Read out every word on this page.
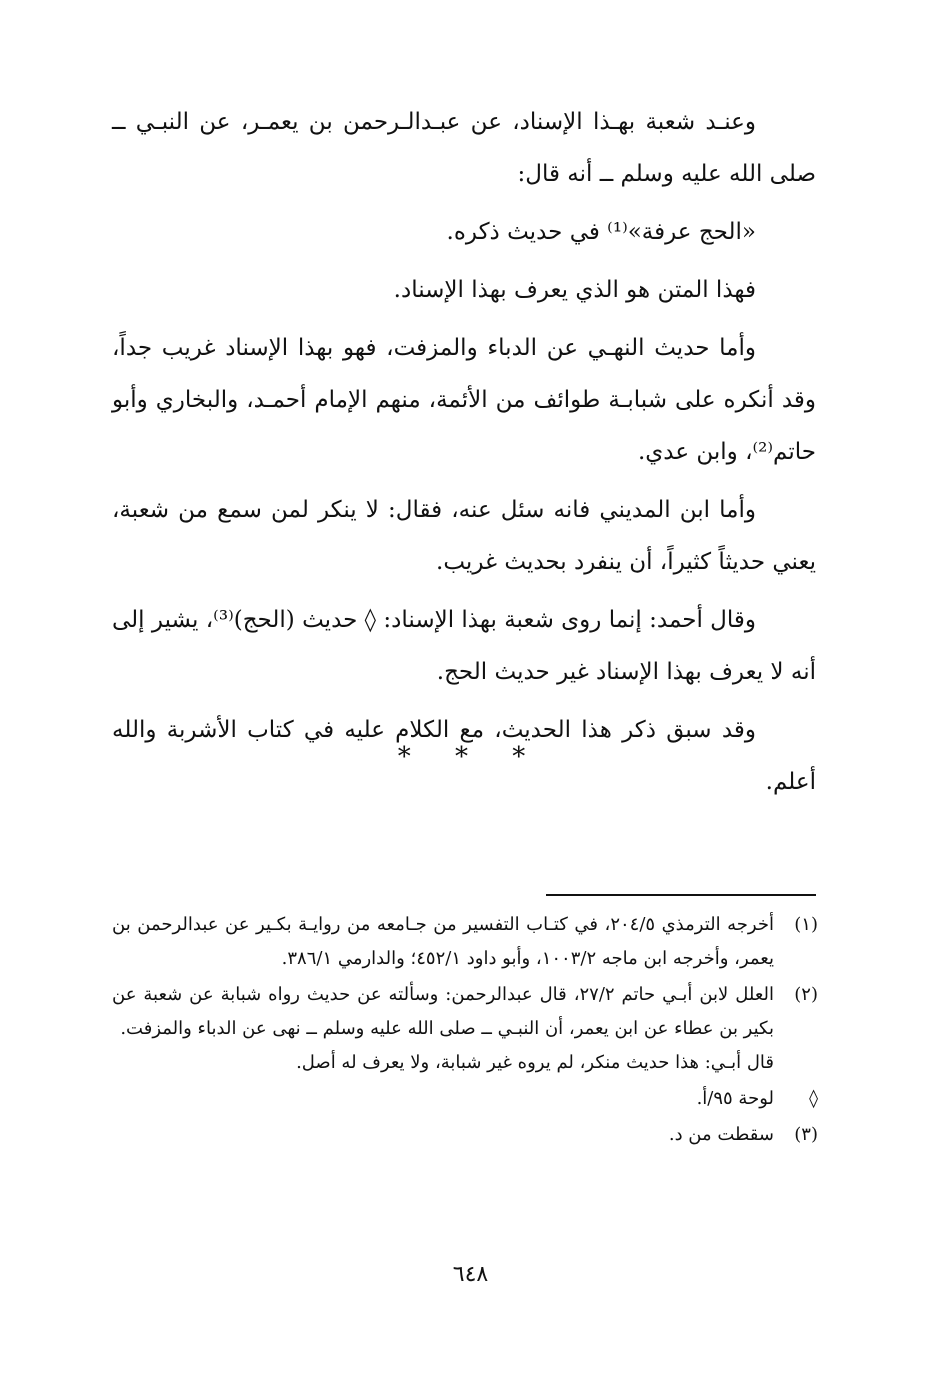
وعنـد شعبة بهـذا الإسناد، عن عبـدالـرحمن بن يعمـر، عن النبـي ــ صلى الله عليه وسلم ــ أنه قال:

«الحج عرفة»⁽¹⁾ في حديث ذكره.

فهذا المتن هو الذي يعرف بهذا الإسناد.

وأما حديث النهـي عن الدباء والمزفت، فهو بهذا الإسناد غريب جداً، وقد أنكره على شبابـة طوائف من الأئمة، منهم الإمام أحمـد، والبخاري وأبو حاتم⁽²⁾، وابن عدي.

وأما ابن المديني فانه سئل عنه، فقال: لا ينكر لمن سمع من شعبة، يعني حديثاً كثيراً، أن ينفرد بحديث غريب.

وقال أحمد: إنما روى شعبة بهذا الإسناد: ◊ حديث (الحج)⁽³⁾، يشير إلى أنه لا يعرف بهذا الإسناد غير حديث الحج.

وقد سبق ذكر هذا الحديث، مع الكلام عليه في كتاب الأشربة والله أعلم.

* * *
(١)
أخرجه الترمذي ٢٠٤/٥، في كتـاب التفسير من جـامعه من روايـة بكـير عن عبدالرحمن بن يعمر، وأخرجه ابن ماجه ١٠٠٣/٢، وأبو داود ٤٥٢/١؛ والدارمي ٣٨٦/١.
(٢)
العلل لابن أبـي حاتم ٢٧/٢، قال عبدالرحمن: وسألته عن حديث رواه شبابة عن شعبة عن بكير بن عطاء عن ابن يعمر، أن النبـي ــ صلى الله عليه وسلم ــ نهى عن الدباء والمزفت.
قال أبـي: هذا حديث منكر، لم يروه غير شبابة، ولا يعرف له أصل.
◊
لوحة ٩٥/أ.
(٣)
سقطت من د.
٦٤٨
